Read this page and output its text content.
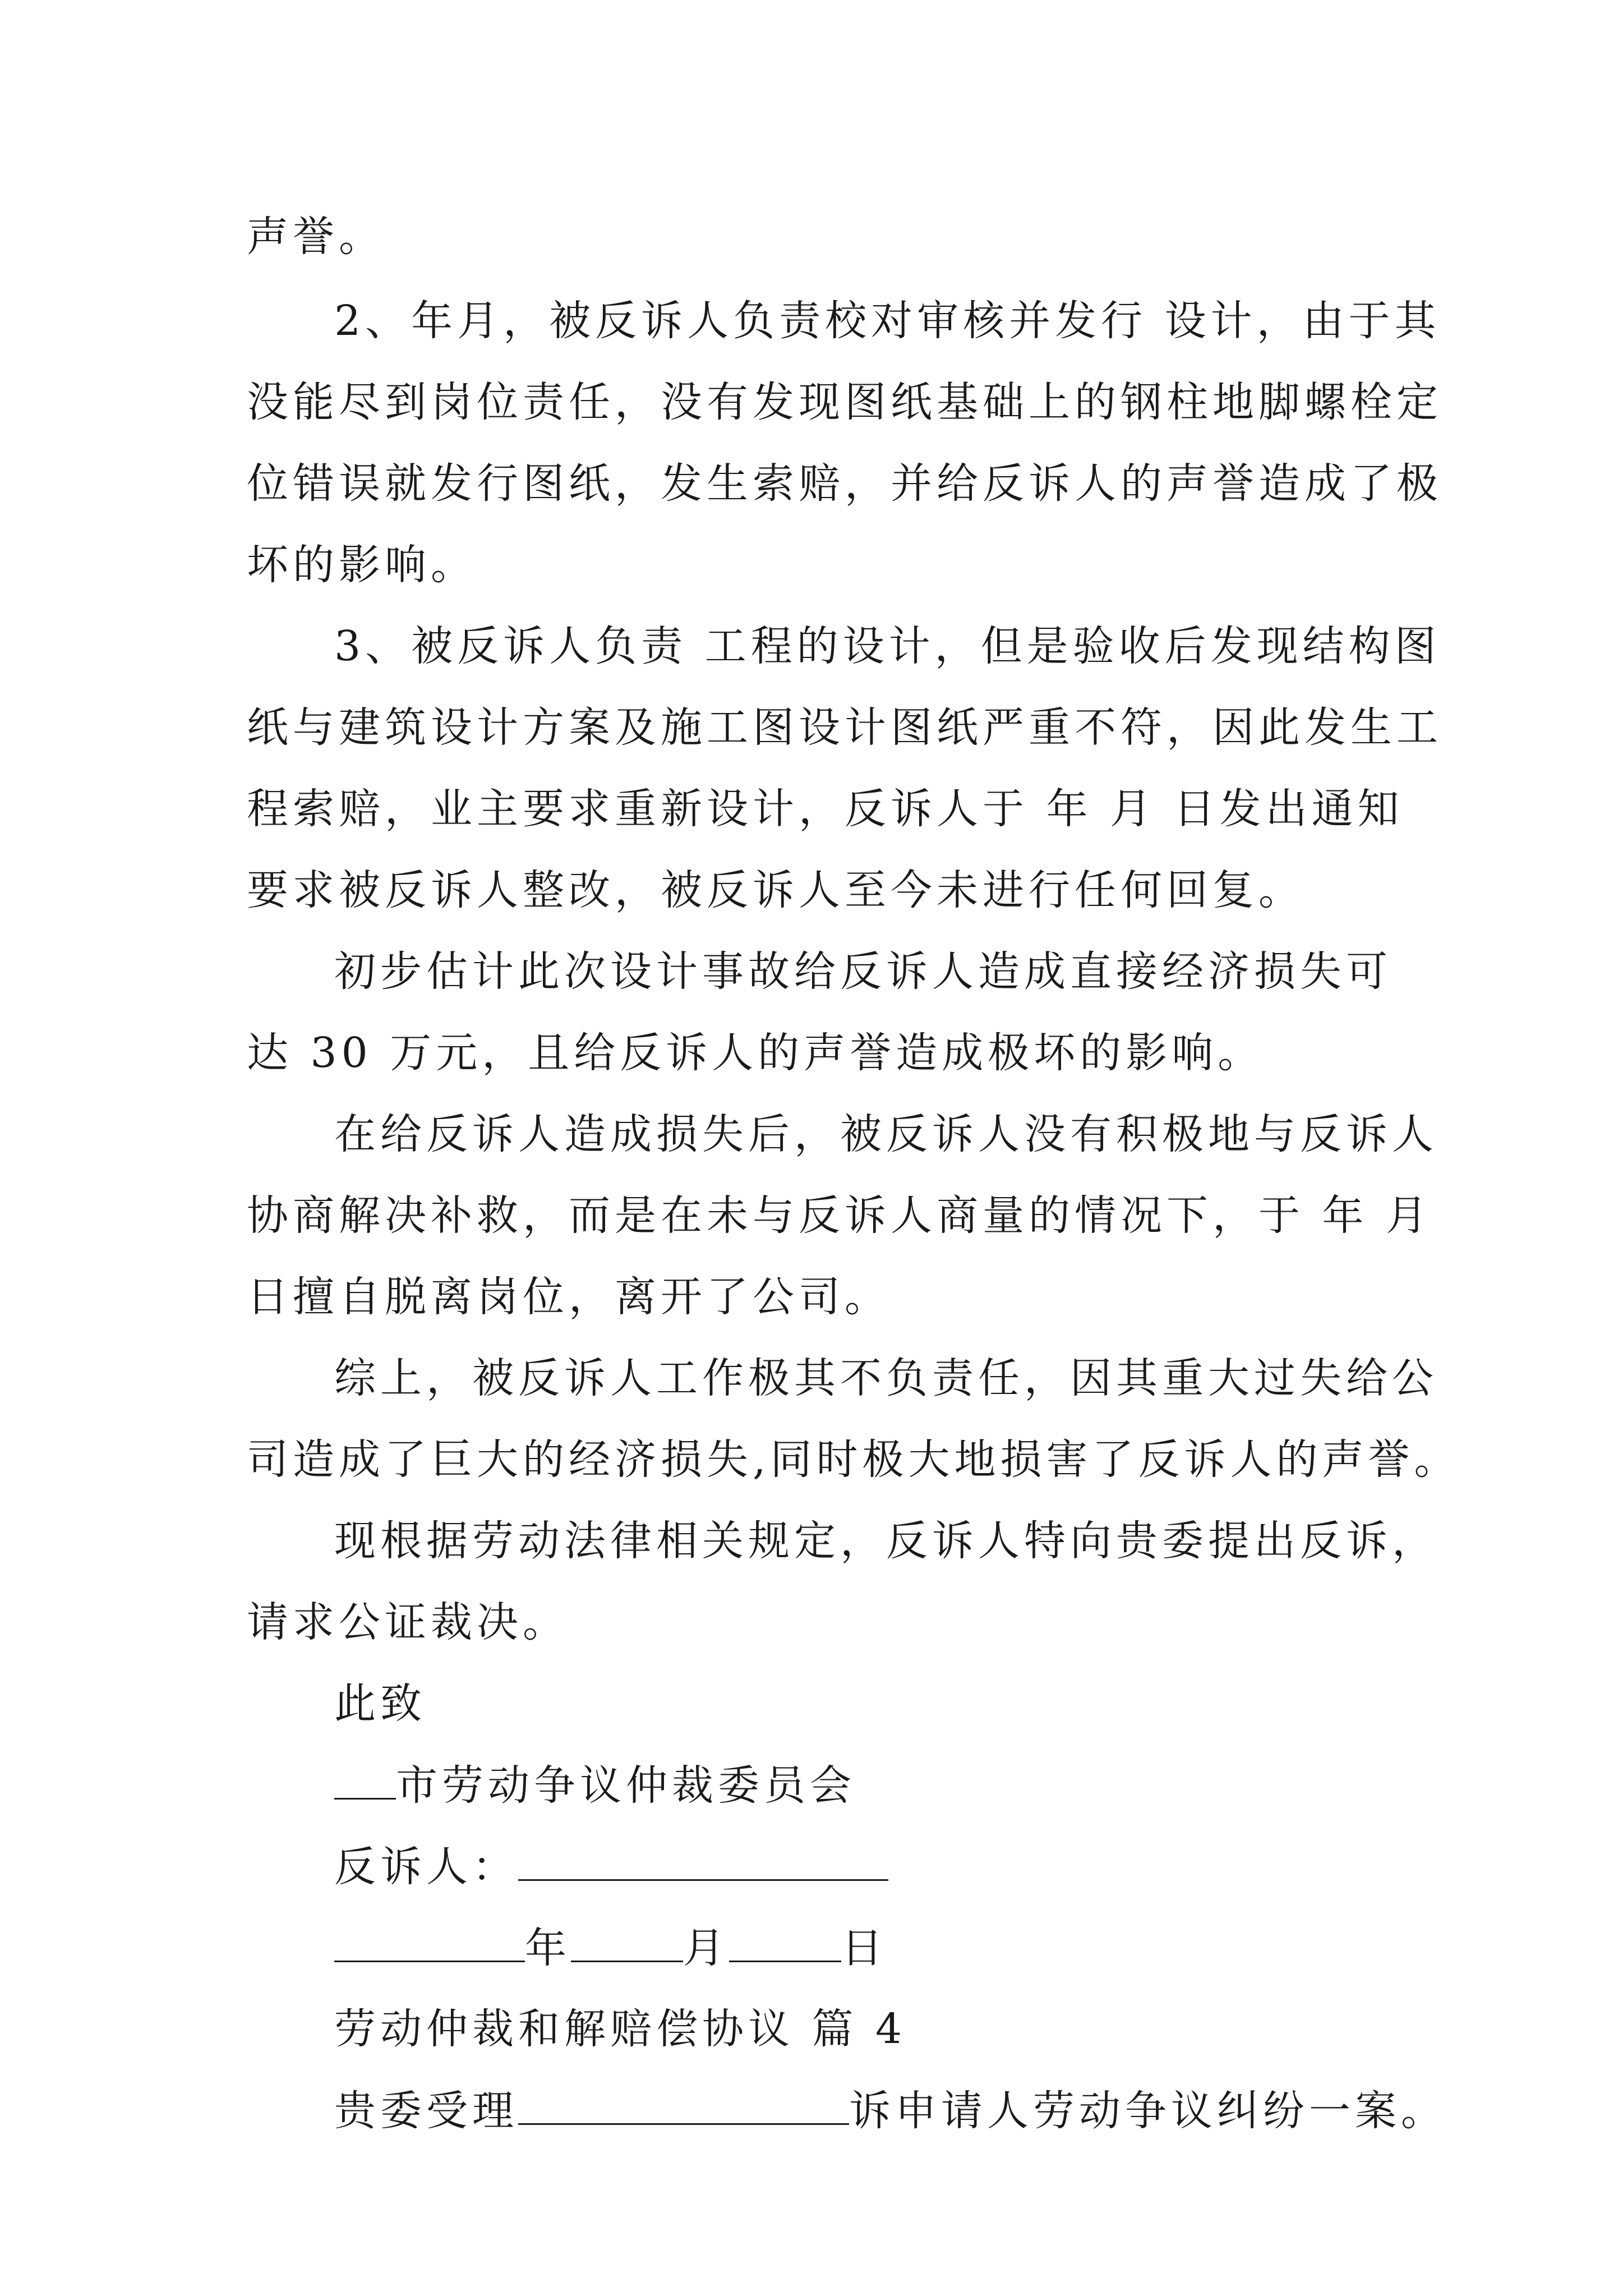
声誉。
2、年月，被反诉人负责校对审核并发行 设计，由于其
没能尽到岗位责任，没有发现图纸基础上的钢柱地脚螺栓定
位错误就发行图纸，发生索赔，并给反诉人的声誉造成了极
坏的影响。
3、被反诉人负责 工程的设计，但是验收后发现结构图
纸与建筑设计方案及施工图设计图纸严重不符，因此发生工
程索赔，业主要求重新设计，反诉人于 年 月 日发出通知
要求被反诉人整改，被反诉人至今未进行任何回复。
初步估计此次设计事故给反诉人造成直接经济损失可
达 30 万元，且给反诉人的声誉造成极坏的影响。
在给反诉人造成损失后，被反诉人没有积极地与反诉人
协商解决补救，而是在未与反诉人商量的情况下，于 年 月
日擅自脱离岗位，离开了公司。
综上，被反诉人工作极其不负责任，因其重大过失给公
司造成了巨大的经济损失,同时极大地损害了反诉人的声誉。
现根据劳动法律相关规定，反诉人特向贵委提出反诉，
请求公证裁决。
此致
市劳动争议仲裁委员会
反诉人：
年	月	日
劳动仲裁和解赔偿协议 篇 4
贵委受理	诉申请人劳动争议纠纷一案。
